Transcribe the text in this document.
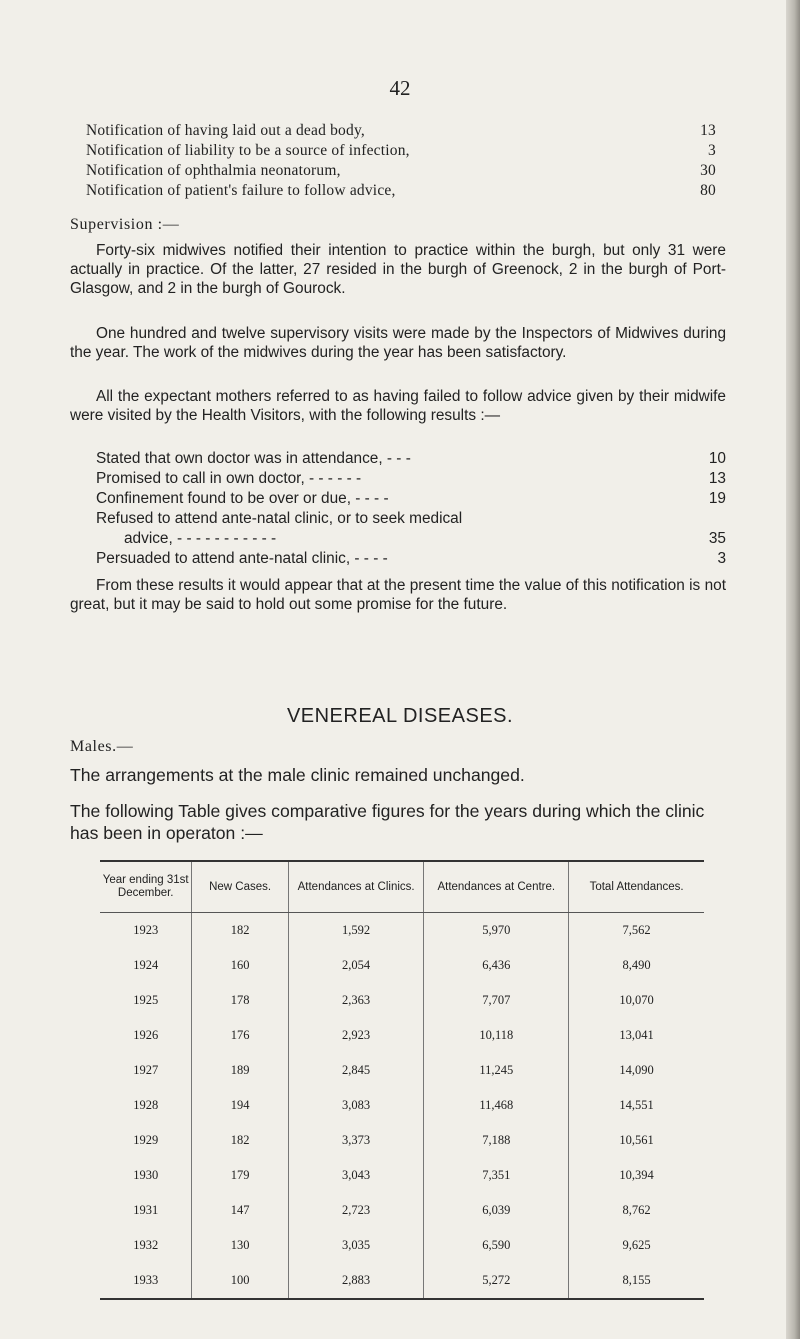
42
Notification of having laid out a dead body,	13
Notification of liability to be a source of infection,	3
Notification of ophthalmia neonatorum,	30
Notification of patient's failure to follow advice,	80
Supervision :—
Forty-six midwives notified their intention to practice within the burgh, but only 31 were actually in practice. Of the latter, 27 resided in the burgh of Greenock, 2 in the burgh of Port-Glasgow, and 2 in the burgh of Gourock.
One hundred and twelve supervisory visits were made by the Inspectors of Midwives during the year. The work of the midwives during the year has been satisfactory.
All the expectant mothers referred to as having failed to follow advice given by their midwife were visited by the Health Visitors, with the following results :—
Stated that own doctor was in attendance, - - -	10
Promised to call in own doctor, - - - - - -	13
Confinement found to be over or due, - - - -	19
Refused to attend ante-natal clinic, or to seek medical
advice, - - - - - - - - - - -	35
Persuaded to attend ante-natal clinic, - - - -	3
From these results it would appear that at the present time the value of this notification is not great, but it may be said to hold out some promise for the future.
VENEREAL DISEASES.
Males.—
The arrangements at the male clinic remained unchanged.
The following Table gives comparative figures for the years during which the clinic has been in operaton :—
Year ending 31st December.	New Cases.	Attendances at Clinics.	Attendances at Centre.	Total Attendances.
1923	182	1,592	5,970	7,562
1924	160	2,054	6,436	8,490
1925	178	2,363	7,707	10,070
1926	176	2,923	10,118	13,041
1927	189	2,845	11,245	14,090
1928	194	3,083	11,468	14,551
1929	182	3,373	7,188	10,561
1930	179	3,043	7,351	10,394
1931	147	2,723	6,039	8,762
1932	130	3,035	6,590	9,625
1933	100	2,883	5,272	8,155
